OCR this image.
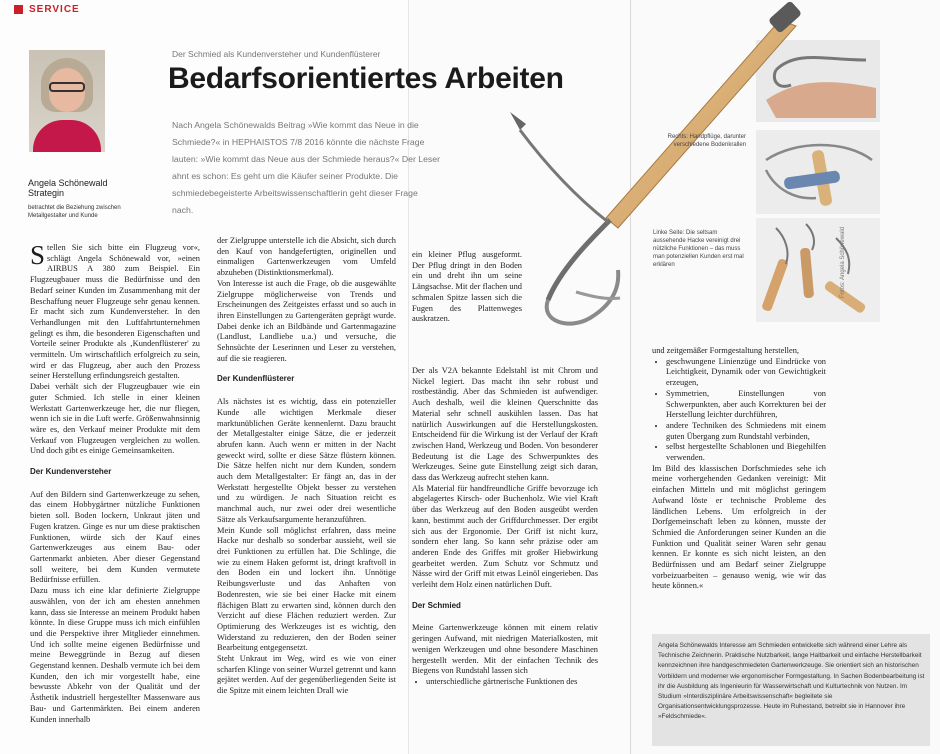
SERVICE
Angela Schönewald
Strategin
betrachtet die Beziehung zwischen Metallgestalter und Kunde
Der Schmied als Kundenversteher und Kundenflüsterer
Bedarfsorientiertes Arbeiten
Nach Angela Schönewalds Beitrag »Wie kommt das Neue in die Schmiede?« in HEPHAISTOS 7/8 2016 könnte die nächste Frage lauten: »Wie kommt das Neue aus der Schmiede heraus?« Der Leser ahnt es schon: Es geht um die Käufer seiner Produkte. Die schmiedebegeisterte Arbeitswissenschaftlerin geht dieser Frage nach.

Stellen Sie sich bitte ein Flugzeug vor«, schlägt Angela Schönewald vor, »einen AIRBUS A 380 zum Beispiel. Ein Flugzeugbauer muss die Bedürfnisse und den Bedarf seiner Kunden im Zusammenhang mit der Beschaffung neuer Flugzeuge sehr genau kennen. Er macht sich zum Kundenversteher. In den Verhandlungen mit den Luftfahrtunternehmen gelingt es ihm, die besonderen Eigenschaften und Vorteile seiner Produkte als ‚Kundenflüsterer' zu vermitteln. Um wirtschaftlich erfolgreich zu sein, wird er das Flugzeug, aber auch den Prozess seiner Herstellung erfindungsreich gestalten.

Dabei verhält sich der Flugzeugbauer wie ein guter Schmied. Ich stelle in einer kleinen Werkstatt Gartenwerkzeuge her, die nur fliegen, wenn ich sie in die Luft werfe. Größenwahnsinnig wäre es, den Verkauf meiner Produkte mit dem Verkauf von Flugzeugen vergleichen zu wollen. Und doch gibt es einige Gemeinsamkeiten.

Der Kundenversteher

Auf den Bildern sind Gartenwerkzeuge zu sehen, das einem Hobbygärtner nützliche Funktionen bieten soll. Boden lockern, Unkraut jäten und Fugen kratzen. Ginge es nur um diese praktischen Funktionen, würde sich der Kauf eines Gartenwerkzeuges aus einem Bau- oder Gartenmarkt anbieten. Aber dieser Gegenstand soll weitere, bei dem Kunden vermutete Bedürfnisse erfüllen.

Dazu muss ich eine klar definierte Zielgruppe auswählen, von der ich am ehesten annehmen kann, dass sie Interesse an meinem Produkt haben könnte. In diese Gruppe muss ich mich einfühlen und die Perspektive ihrer Mitglieder einnehmen. Und ich sollte meine eigenen Bedürfnisse und meine Beweggründe in Bezug auf diesen Gegenstand kennen. Deshalb vermute ich bei dem Kunden, den ich mir vorgestellt habe, eine bewusste Abkehr von der Qualität und der Ästhetik industriell hergestellter Massenware aus Bau- und Gartenmärkten. Bei einem anderen Kunden innerhalb

der Zielgruppe unterstelle ich die Absicht, sich durch den Kauf von handgefertigten, originellen und einmaligen Gartenwerkzeugen vom Umfeld abzuheben (Distinktionsmerkmal).

Von Interesse ist auch die Frage, ob die ausgewählte Zielgruppe möglicherweise von Trends und Erscheinungen des Zeitgeistes erfasst und so auch in ihren Einstellungen zu Gartengeräten geprägt wurde. Dabei denke ich an Bildbände und Gartenmagazine (Landlust, Landliebe u.a.) und versuche, die Sehnsüchte der Leserinnen und Leser zu verstehen, auf die sie reagieren.

Der Kundenflüsterer

Als nächstes ist es wichtig, dass ein potenzieller Kunde alle wichtigen Merkmale dieser marktunüblichen Geräte kennenlernt. Dazu braucht der Metallgestalter einige Sätze, die er jederzeit abrufen kann. Auch wenn er mitten in der Nacht geweckt wird, sollte er diese Sätze flüstern können. Die Sätze helfen nicht nur dem Kunden, sondern auch dem Metallgestalter: Er fängt an, das in der Werkstatt hergestellte Objekt besser zu verstehen und zu würdigen. Je nach Situation reicht es manchmal auch, nur zwei oder drei wesentliche Sätze als Verkaufsargumente heranzuführen.

Mein Kunde soll möglichst erfahren, dass meine Hacke nur deshalb so sonderbar aussieht, weil sie drei Funktionen zu erfüllen hat. Die Schlinge, die wie zu einem Haken geformt ist, dringt kraftvoll in den Boden ein und lockert ihn. Unnötige Reibungsverluste und das Anhaften von Bodenresten, wie sie bei einer Hacke mit einem flächigen Blatt zu erwarten sind, können durch den Verzicht auf diese Flächen reduziert werden. Zur Optimierung des Werkzeuges ist es wichtig, den Widerstand zu reduzieren, den der Boden seiner Bearbeitung entgegensetzt.

Steht Unkraut im Weg, wird es wie von einer scharfen Klinge von seiner Wurzel getrennt und kann gejätet werden. Auf der gegenüberliegenden Seite ist die Spitze mit einem leichten Drall wie

ein kleiner Pflug ausgeformt. Der Pflug dringt in den Boden ein und dreht ihn um seine Längsachse. Mit der flachen und schmalen Spitze lassen sich die Fugen des Plattenweges auskratzen.

Der als V2A bekannte Edelstahl ist mit Chrom und Nickel legiert. Das macht ihn sehr robust und rostbeständig. Aber das Schmieden ist aufwendiger. Auch deshalb, weil die kleinen Querschnitte das Material sehr schnell auskühlen lassen. Das hat natürlich Auswirkungen auf die Herstellungskosten. Entscheidend für die Wirkung ist der Verlauf der Kraft zwischen Hand, Werkzeug und Boden. Von besonderer Bedeutung ist die Lage des Schwerpunktes des Werkzeuges. Seine gute Einstellung zeigt sich daran, dass das Werkzeug aufrecht stehen kann.

Als Material für handfreundliche Griffe bevorzuge ich abgelagertes Kirsch- oder Buchenholz. Wie viel Kraft über das Werkzeug auf den Boden ausgeübt werden kann, bestimmt auch der Griffdurchmesser. Der ergibt sich aus der Ergonomie. Der Griff ist nicht kurz, sondern eher lang. So kann sehr präzise oder am anderen Ende des Griffes mit großer Hiebwirkung gearbeitet werden. Zum Schutz vor Schmutz und Nässe wird der Griff mit etwas Leinöl eingerieben. Das verleiht dem Holz einen natürlichen Duft.

Der Schmied

Meine Gartenwerkzeuge können mit einem relativ geringen Aufwand, mit niedrigen Materialkosten, mit wenigen Werkzeugen und ohne besondere Maschinen hergestellt werden. Mit der einfachen Technik des Biegens von Rundstahl lassen sich

• unterschiedliche gärtnerische Funktionen des

und zeitgemäßer Formgestaltung herstellen,

• geschwungene Linienzüge und Eindrücke von Leichtigkeit, Dynamik oder von Gewichtigkeit erzeugen,
• Symmetrien, Einstellungen von Schwerpunkten, aber auch Korrekturen bei der Herstellung leichter durchführen,
• andere Techniken des Schmiedens mit einem guten Übergang zum Rundstahl verbinden,
• selbst hergestellte Schablonen und Biegehilfen verwenden.

Im Bild des klassischen Dorfschmiedes sehe ich meine vorhergehenden Gedanken vereinigt: Mit einfachen Mitteln und mit möglichst geringem Aufwand löste er technische Probleme des ländlichen Lebens. Um erfolgreich in der Dorfgemeinschaft leben zu können, musste der Schmied die Anforderungen seiner Kunden an die Funktion und Qualität seiner Waren sehr genau kennen. Er konnte es sich nicht leisten, an den Bedürfnissen und am Bedarf seiner Zielgruppe vorbeizuarbeiten – genauso wenig, wie wir das heute können.«

Rechts: Handpflüge, darunter verschiedene Bodenkrallen
Linke Seite: Die seltsam aussehende Hacke vereinigt drei nützliche Funktionen – das muss man potenziellen Kunden erst mal erklären	Fotos: Angela Schönewald
Angela Schönewalds Interesse am Schmieden entwickelte sich während einer Lehre als Technische Zeichnerin. Praktische Nutzbarkeit, lange Haltbarkeit und einfache Herstellbarkeit kennzeichnen ihre handgeschmiedeten Gartenwerkzeuge. Sie orientiert sich an historischen Vorbildern und moderner wie ergonomischer Formgestaltung. In Sachen Bodenbearbeitung ist ihr die Ausbildung als Ingenieurin für Wasserwirtschaft und Kulturtechnik von Nutzen. Im Studium »Interdisziplinäre Arbeitswissenschaft« begleitete sie Organisationsentwicklungsprozesse. Heute im Ruhestand, betreibt sie in Hannover ihre »Feldschmiede«.
